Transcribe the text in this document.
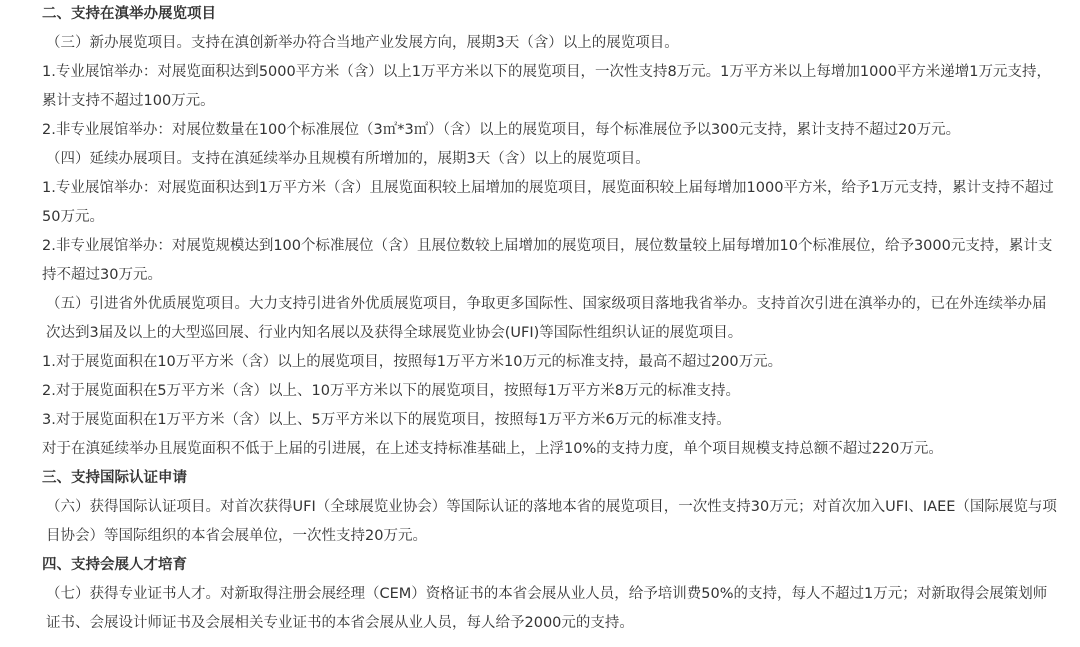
二、支持在滇举办展览项目
（三）新办展览项目。支持在滇创新举办符合当地产业发展方向，展期3天（含）以上的展览项目。
1.专业展馆举办：对展览面积达到5000平方米（含）以上1万平方米以下的展览项目，一次性支持8万元。1万平方米以上每增加1000平方米递增1万元支持，累计支持不超过100万元。
2.非专业展馆举办：对展位数量在100个标准展位（3㎡*3㎡）（含）以上的展览项目，每个标准展位予以300元支持，累计支持不超过20万元。
（四）延续办展项目。支持在滇延续举办且规模有所增加的，展期3天（含）以上的展览项目。
1.专业展馆举办：对展览面积达到1万平方米（含）且展览面积较上届增加的展览项目，展览面积较上届每增加1000平方米，给予1万元支持，累计支持不超过50万元。
2.非专业展馆举办：对展览规模达到100个标准展位（含）且展位数较上届增加的展览项目，展位数量较上届每增加10个标准展位，给予3000元支持，累计支持不超过30万元。
（五）引进省外优质展览项目。大力支持引进省外优质展览项目，争取更多国际性、国家级项目落地我省举办。支持首次引进在滇举办的，已在外连续举办届次达到3届及以上的大型巡回展、行业内知名展以及获得全球展览业协会(UFI)等国际性组织认证的展览项目。
1.对于展览面积在10万平方米（含）以上的展览项目，按照每1万平方米10万元的标准支持，最高不超过200万元。
2.对于展览面积在5万平方米（含）以上、10万平方米以下的展览项目，按照每1万平方米8万元的标准支持。
3.对于展览面积在1万平方米（含）以上、5万平方米以下的展览项目，按照每1万平方米6万元的标准支持。
对于在滇延续举办且展览面积不低于上届的引进展，在上述支持标准基础上，上浮10%的支持力度，单个项目规模支持总额不超过220万元。
三、支持国际认证申请
（六）获得国际认证项目。对首次获得UFI（全球展览业协会）等国际认证的落地本省的展览项目，一次性支持30万元；对首次加入UFI、IAEE（国际展览与项目协会）等国际组织的本省会展单位，一次性支持20万元。
四、支持会展人才培育
（七）获得专业证书人才。对新取得注册会展经理（CEM）资格证书的本省会展从业人员，给予培训费50%的支持，每人不超过1万元；对新取得会展策划师证书、会展设计师证书及会展相关专业证书的本省会展从业人员，每人给予2000元的支持。
